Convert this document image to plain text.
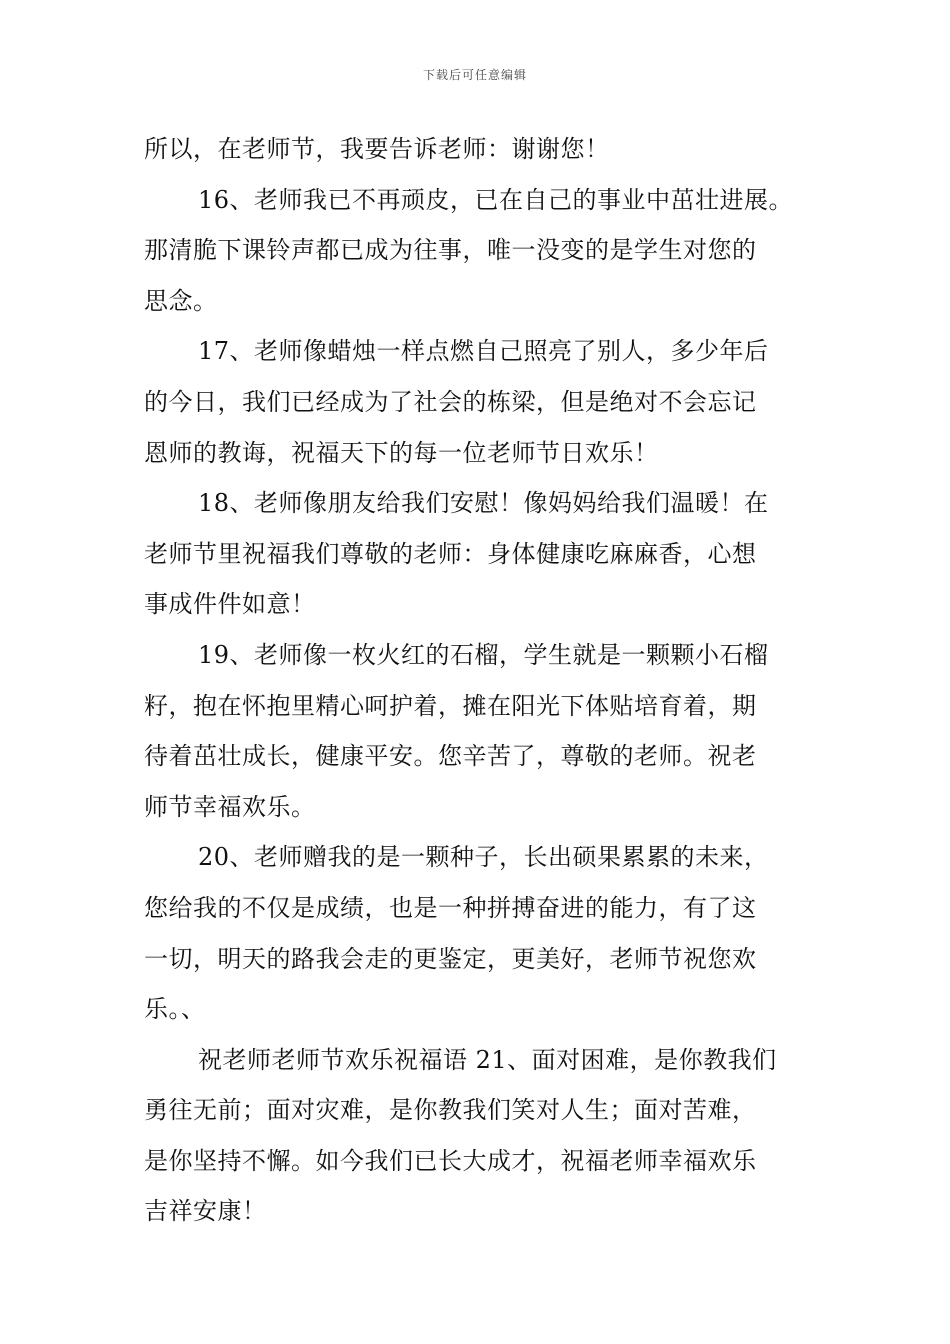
下载后可任意编辑
所以，在老师节，我要告诉老师：谢谢您！
16、老师我已不再顽皮，已在自己的事业中茁壮进展。
那清脆下课铃声都已成为往事，唯一没变的是学生对您的
思念。
17、老师像蜡烛一样点燃自己照亮了别人，多少年后
的今日，我们已经成为了社会的栋梁，但是绝对不会忘记
恩师的教诲，祝福天下的每一位老师节日欢乐！
18、老师像朋友给我们安慰！像妈妈给我们温暖！在
老师节里祝福我们尊敬的老师：身体健康吃麻麻香，心想
事成件件如意！
19、老师像一枚火红的石榴，学生就是一颗颗小石榴
籽，抱在怀抱里精心呵护着，摊在阳光下体贴培育着，期
待着茁壮成长，健康平安。您辛苦了，尊敬的老师。祝老
师节幸福欢乐。
20、老师赠我的是一颗种子，长出硕果累累的未来，
您给我的不仅是成绩，也是一种拼搏奋进的能力，有了这
一切，明天的路我会走的更鉴定，更美好，老师节祝您欢
乐。、
祝老师老师节欢乐祝福语 21、面对困难，是你教我们
勇往无前；面对灾难，是你教我们笑对人生；面对苦难，
是你坚持不懈。如今我们已长大成才，祝福老师幸福欢乐
吉祥安康！
